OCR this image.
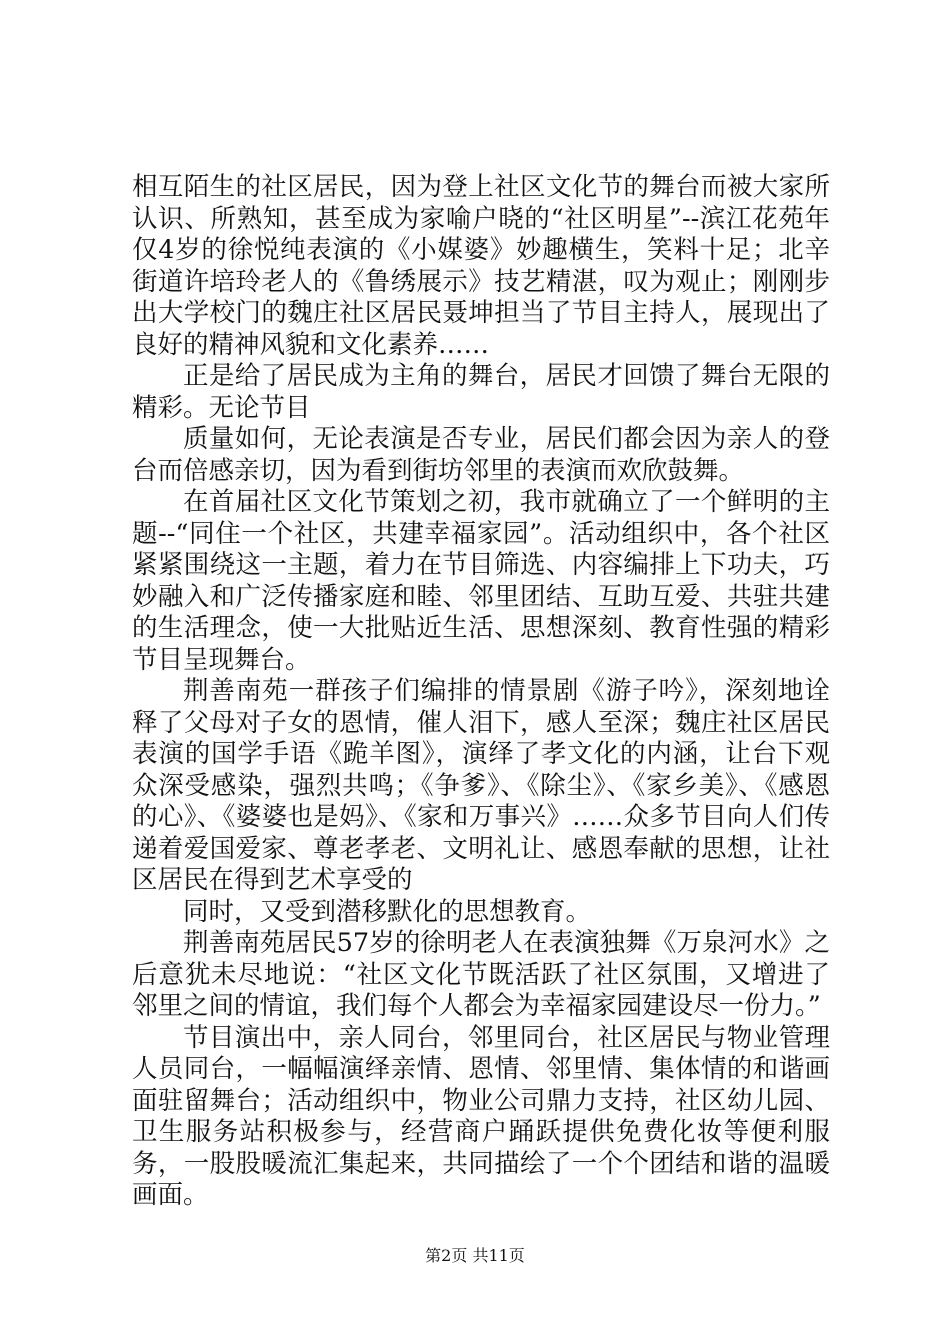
相互陌生的社区居民，因为登上社区文化节的舞台而被大家所认识、所熟知，甚至成为家喻户晓的“社区明星”--滨江花苑年仅4岁的徐悦纯表演的《小媒婆》妙趣横生，笑料十足；北辛街道许培玲老人的《鲁绣展示》技艺精湛，叹为观止；刚刚步出大学校门的魏庄社区居民聂坤担当了节目主持人，展现出了良好的精神风貌和文化素养……

正是给了居民成为主角的舞台，居民才回馈了舞台无限的精彩。无论节目

质量如何，无论表演是否专业，居民们都会因为亲人的登台而倍感亲切，因为看到街坊邻里的表演而欢欣鼓舞。

在首届社区文化节策划之初，我市就确立了一个鲜明的主题--“同住一个社区，共建幸福家园”。活动组织中，各个社区紧紧围绕这一主题，着力在节目筛选、内容编排上下功夫，巧妙融入和广泛传播家庭和睦、邻里团结、互助互爱、共驻共建的生活理念，使一大批贴近生活、思想深刻、教育性强的精彩节目呈现舞台。

荆善南苑一群孩子们编排的情景剧《游子吟》，深刻地诠释了父母对子女的恩情，催人泪下，感人至深；魏庄社区居民表演的国学手语《跪羊图》，演绎了孝文化的内涵，让台下观众深受感染，强烈共鸣；《争爹》、《除尘》、《家乡美》、《感恩的心》、《婆婆也是妈》、《家和万事兴》……众多节目向人们传递着爱国爱家、尊老孝老、文明礼让、感恩奉献的思想，让社区居民在得到艺术享受的

同时，又受到潜移默化的思想教育。

荆善南苑居民57岁的徐明老人在表演独舞《万泉河水》之后意犹未尽地说：“社区文化节既活跃了社区氛围，又增进了邻里之间的情谊，我们每个人都会为幸福家园建设尽一份力。”

节目演出中，亲人同台，邻里同台，社区居民与物业管理人员同台，一幅幅演绎亲情、恩情、邻里情、集体情的和谐画面驻留舞台；活动组织中，物业公司鼎力支持，社区幼儿园、卫生服务站积极参与，经营商户踊跃提供免费化妆等便利服务，一股股暖流汇集起来，共同描绘了一个个团结和谐的温暖画面。

第2页 共11页
